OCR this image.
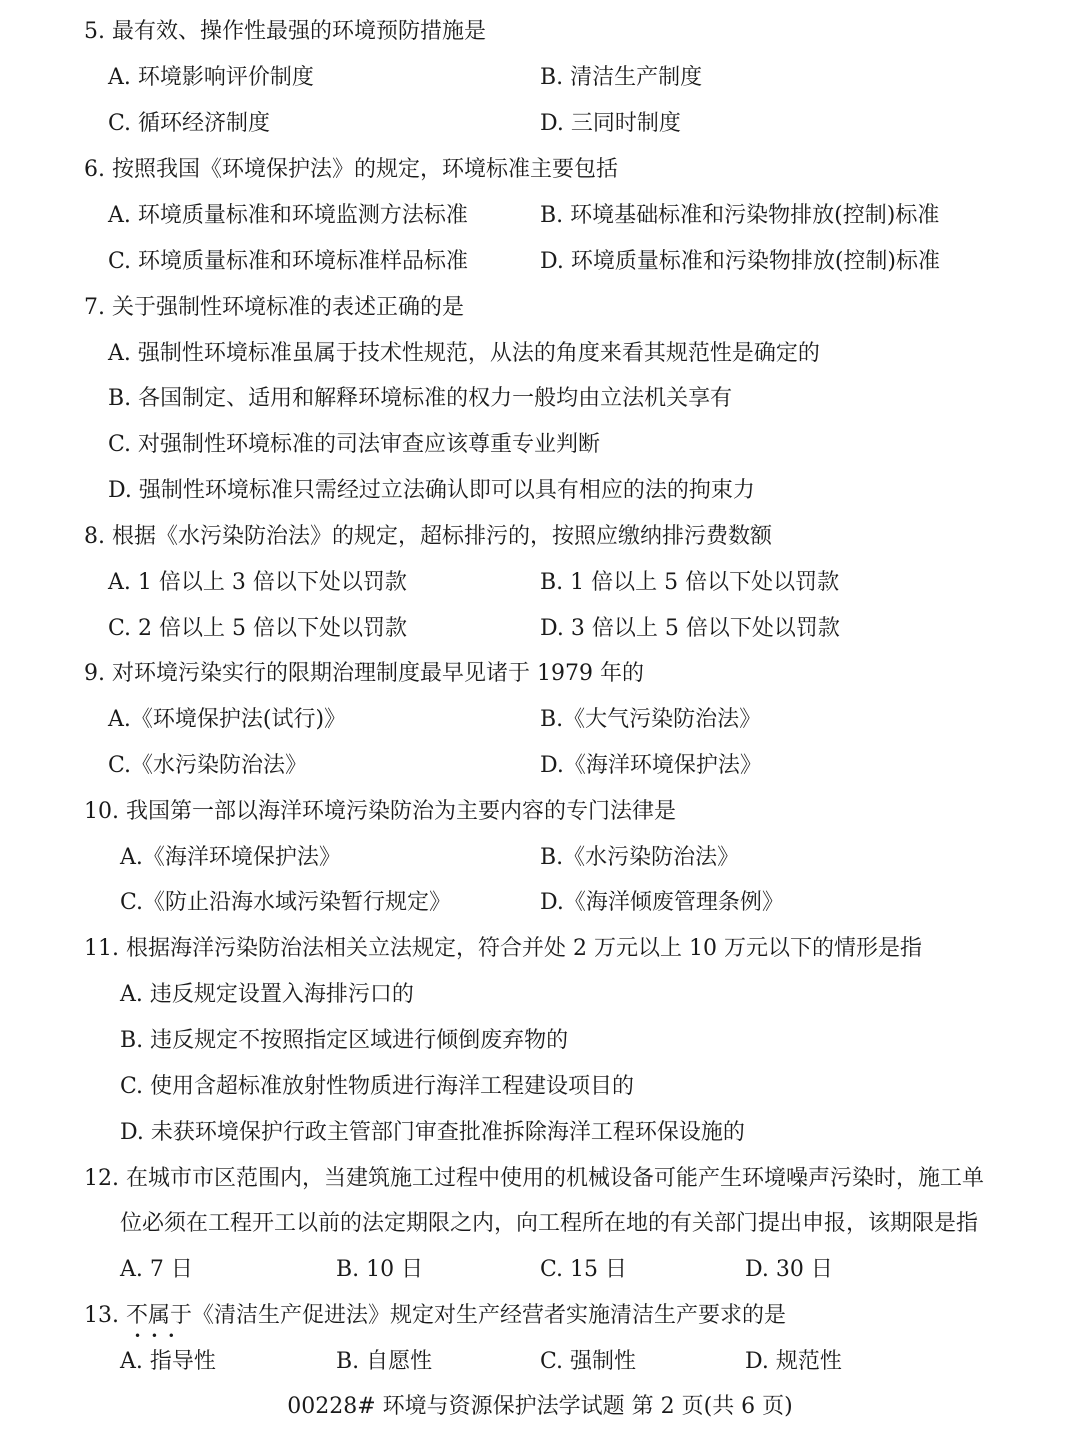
5. 最有效、操作性最强的环境预防措施是
A. 环境影响评价制度	B. 清洁生产制度
C. 循环经济制度	D. 三同时制度
6. 按照我国《环境保护法》的规定，环境标准主要包括
A. 环境质量标准和环境监测方法标准	B. 环境基础标准和污染物排放(控制)标准
C. 环境质量标准和环境标准样品标准	D. 环境质量标准和污染物排放(控制)标准
7. 关于强制性环境标准的表述正确的是
A. 强制性环境标准虽属于技术性规范，从法的角度来看其规范性是确定的
B. 各国制定、适用和解释环境标准的权力一般均由立法机关享有
C. 对强制性环境标准的司法审查应该尊重专业判断
D. 强制性环境标准只需经过立法确认即可以具有相应的法的拘束力
8. 根据《水污染防治法》的规定，超标排污的，按照应缴纳排污费数额
A. 1 倍以上 3 倍以下处以罚款	B. 1 倍以上 5 倍以下处以罚款
C. 2 倍以上 5 倍以下处以罚款	D. 3 倍以上 5 倍以下处以罚款
9. 对环境污染实行的限期治理制度最早见诸于 1979 年的
A.《环境保护法(试行)》	B.《大气污染防治法》
C.《水污染防治法》	D.《海洋环境保护法》
10. 我国第一部以海洋环境污染防治为主要内容的专门法律是
A.《海洋环境保护法》	B.《水污染防治法》
C.《防止沿海水域污染暂行规定》	D.《海洋倾废管理条例》
11. 根据海洋污染防治法相关立法规定，符合并处 2 万元以上 10 万元以下的情形是指
A. 违反规定设置入海排污口的
B. 违反规定不按照指定区域进行倾倒废弃物的
C. 使用含超标准放射性物质进行海洋工程建设项目的
D. 未获环境保护行政主管部门审查批准拆除海洋工程环保设施的
12. 在城市市区范围内，当建筑施工过程中使用的机械设备可能产生环境噪声污染时，施工单
位必须在工程开工以前的法定期限之内，向工程所在地的有关部门提出申报，该期限是指
A. 7 日	B. 10 日	C. 15 日	D. 30 日
13. 不属于 • • •《清洁生产促进法》规定对生产经营者实施清洁生产要求的是
A. 指导性	B. 自愿性	C. 强制性	D. 规范性
00228# 环境与资源保护法学试题 第 2 页(共 6 页)
